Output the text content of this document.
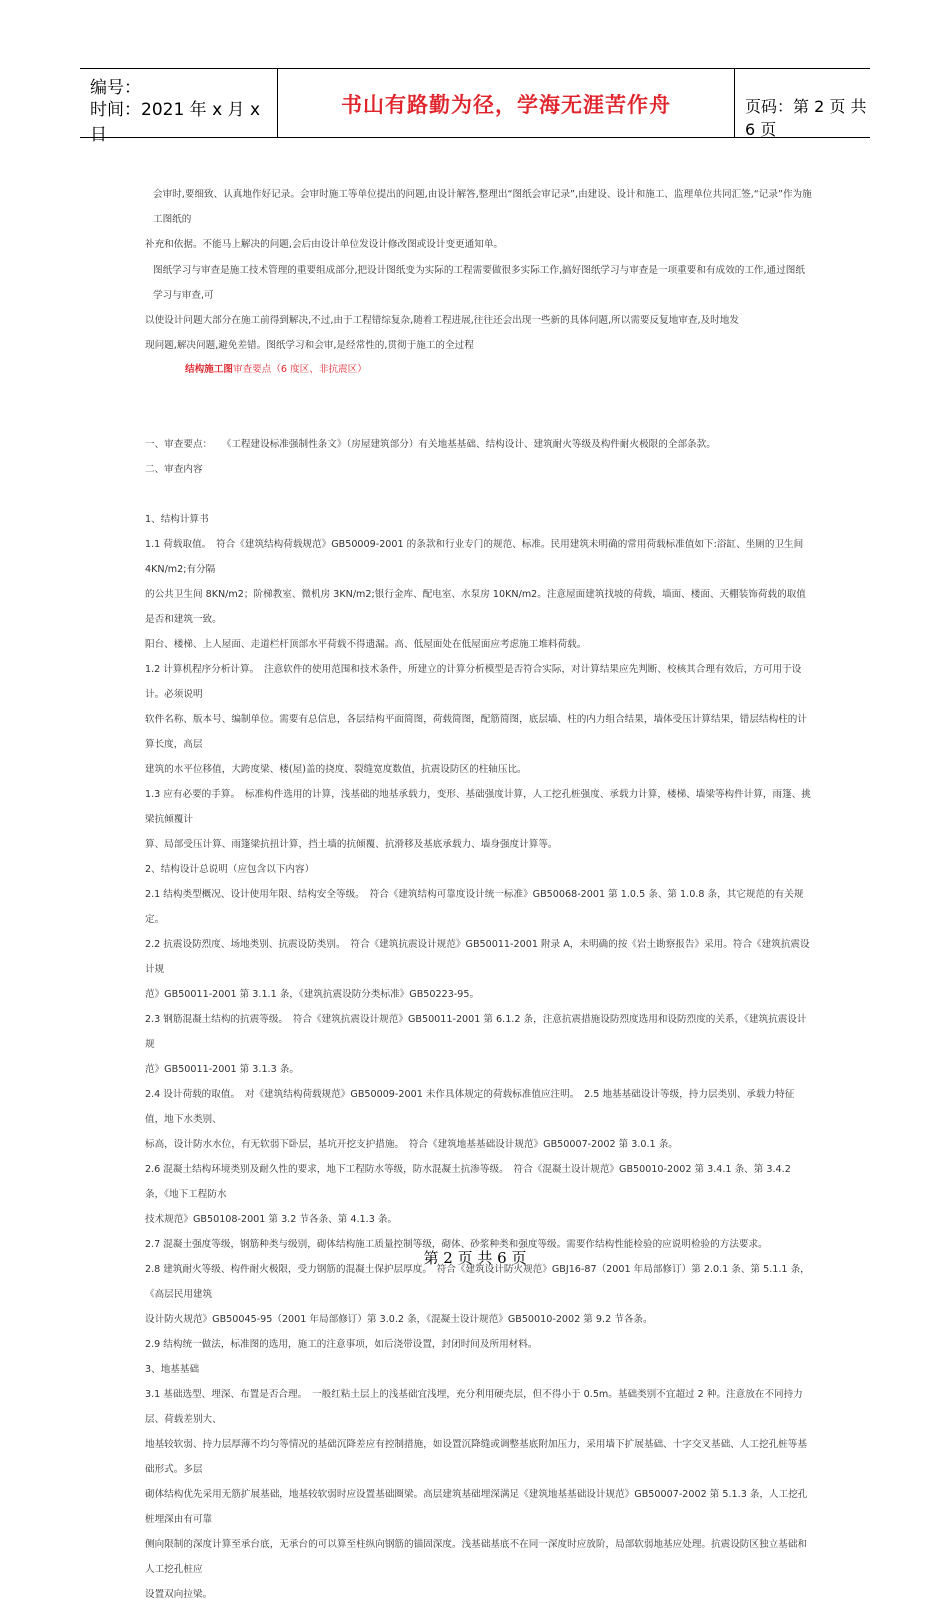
编号：
时间：2021 年 x 月 x 日
书山有路勤为径，学海无涯苦作舟	页码：第 2 页 共 6 页

会审时,要细致、认真地作好记录。会审时施工等单位提出的问题,由设计解答,整理出“图纸会审记录”,由建设、设计和施工、监理单位共同汇签,“记录”作为施工图纸的

补充和依据。不能马上解决的问题,会后由设计单位发设计修改图或设计变更通知单。

图纸学习与审查是施工技术管理的重要组成部分,把设计图纸变为实际的工程需要做很多实际工作,搞好图纸学习与审查是一项重要和有成效的工作,通过图纸学习与审查,可

以使设计问题大部分在施工前得到解决,不过,由于工程错综复杂,随着工程进展,往往还会出现一些新的具体问题,所以需要反复地审查,及时地发

现问题,解决问题,避免差错。图纸学习和会审,是经常性的,贯彻于施工的全过程

结构施工图审查要点（6 度区、非抗震区）

一、审查要点：　　《工程建设标准强制性条文》（房屋建筑部分）有关地基基础、结构设计、建筑耐火等级及构件耐火极限的全部条款。

二、审查内容

1、结构计算书

1.1 荷载取值。　符合《建筑结构荷载规范》GB50009-2001 的条款和行业专门的规范、标准。民用建筑未明确的常用荷载标准值如下:浴缸、坐厕的卫生间 4KN/m2;有分隔

的公共卫生间 8KN/m2；阶梯教室、微机房 3KN/m2;银行金库、配电室、水泵房 10KN/m2。注意屋面建筑找坡的荷载，墙面、楼面、天棚装饰荷载的取值是否和建筑一致。

阳台、楼梯、上人屋面、走道栏杆顶部水平荷载不得遗漏。高、低屋面处在低屋面应考虑施工堆料荷载。

1.2 计算机程序分析计算。　注意软件的使用范围和技术条件，所建立的计算分析模型是否符合实际，对计算结果应先判断、校核其合理有效后，方可用于设计。必须说明

软件名称、版本号、编制单位。需要有总信息，各层结构平面简图，荷载简图，配筋简图，底层墙、柱的内力组合结果，墙体受压计算结果，错层结构柱的计算长度，高层

建筑的水平位移值，大跨度梁、楼(屋)盖的挠度、裂缝宽度数值，抗震设防区的柱轴压比。

1.3 应有必要的手算。　标准构件选用的计算，浅基础的地基承载力，变形、基础强度计算，人工挖孔桩强度、承载力计算，楼梯、墙梁等构件计算，雨篷、挑梁抗倾覆计

算、局部受压计算、雨篷梁抗扭计算，挡土墙的抗倾覆、抗滑移及基底承载力、墙身强度计算等。

2、结构设计总说明（应包含以下内容）

2.1 结构类型概况、设计使用年限、结构安全等级。　符合《建筑结构可靠度设计统一标准》GB50068-2001 第 1.0.5 条、第 1.0.8 条，其它规范的有关规定。

2.2 抗震设防烈度、场地类别、抗震设防类别。　符合《建筑抗震设计规范》GB50011-2001 附录 A，未明确的按《岩土勘察报告》采用。符合《建筑抗震设计规

范》GB50011-2001 第 3.1.1 条，《建筑抗震设防分类标准》GB50223-95。

2.3 钢筋混凝土结构的抗震等级。　符合《建筑抗震设计规范》GB50011-2001 第 6.1.2 条，注意抗震措施设防烈度选用和设防烈度的关系，《建筑抗震设计规

范》GB50011-2001 第 3.1.3 条。

2.4 设计荷载的取值。　对《建筑结构荷载规范》GB50009-2001 未作具体规定的荷载标准值应注明。　2.5 地基基础设计等级，持力层类别、承载力特征值，地下水类别、

标高，设计防水水位，有无软弱下卧层，基坑开挖支护措施。　符合《建筑地基基础设计规范》GB50007-2002 第 3.0.1 条。

2.6 混凝土结构环境类别及耐久性的要求，地下工程防水等级，防水混凝土抗渗等级。　符合《混凝土设计规范》GB50010-2002 第 3.4.1 条、第 3.4.2 条，《地下工程防水

技术规范》GB50108-2001 第 3.2 节各条、第 4.1.3 条。

2.7 混凝土强度等级，钢筋种类与级别，砌体结构施工质量控制等级，砌体、砂浆种类和强度等级。需要作结构性能检验的应说明检验的方法要求。

2.8 建筑耐火等级、构件耐火极限，受力钢筋的混凝土保护层厚度。　符合《建筑设计防火规范》GBJ16-87（2001 年局部修订）第 2.0.1 条、第 5.1.1 条，《高层民用建筑

设计防火规范》GB50045-95（2001 年局部修订）第 3.0.2 条，《混凝土设计规范》GB50010-2002 第 9.2 节各条。

2.9 结构统一做法，标准图的选用，施工的注意事项，如后浇带设置，封闭时间及所用材料。

3、地基基础

3.1 基础选型、埋深、布置是否合理。　一般红粘土层上的浅基础宜浅埋，充分利用硬壳层，但不得小于 0.5m。基础类别不宜超过 2 种。注意放在不同持力层、荷载差别大、

地基较软弱、持力层厚薄不均匀等情况的基础沉降差应有控制措施，如设置沉降缝或调整基底附加压力，采用墙下扩展基础、十字交叉基础、人工挖孔桩等基础形式。多层

砌体结构优先采用无筋扩展基础，地基较软弱时应设置基础圈梁。高层建筑基础埋深满足《建筑地基基础设计规范》GB50007-2002 第 5.1.3 条，人工挖孔桩埋深由有可靠

侧向限制的深度计算至承台底，无承台的可以算至柱纵向钢筋的锚固深度。浅基础基底不在同一深度时应放阶，局部软弱地基应处理。抗震设防区独立基础和人工挖孔桩应

设置双向拉梁。

第 2 页 共 6 页
